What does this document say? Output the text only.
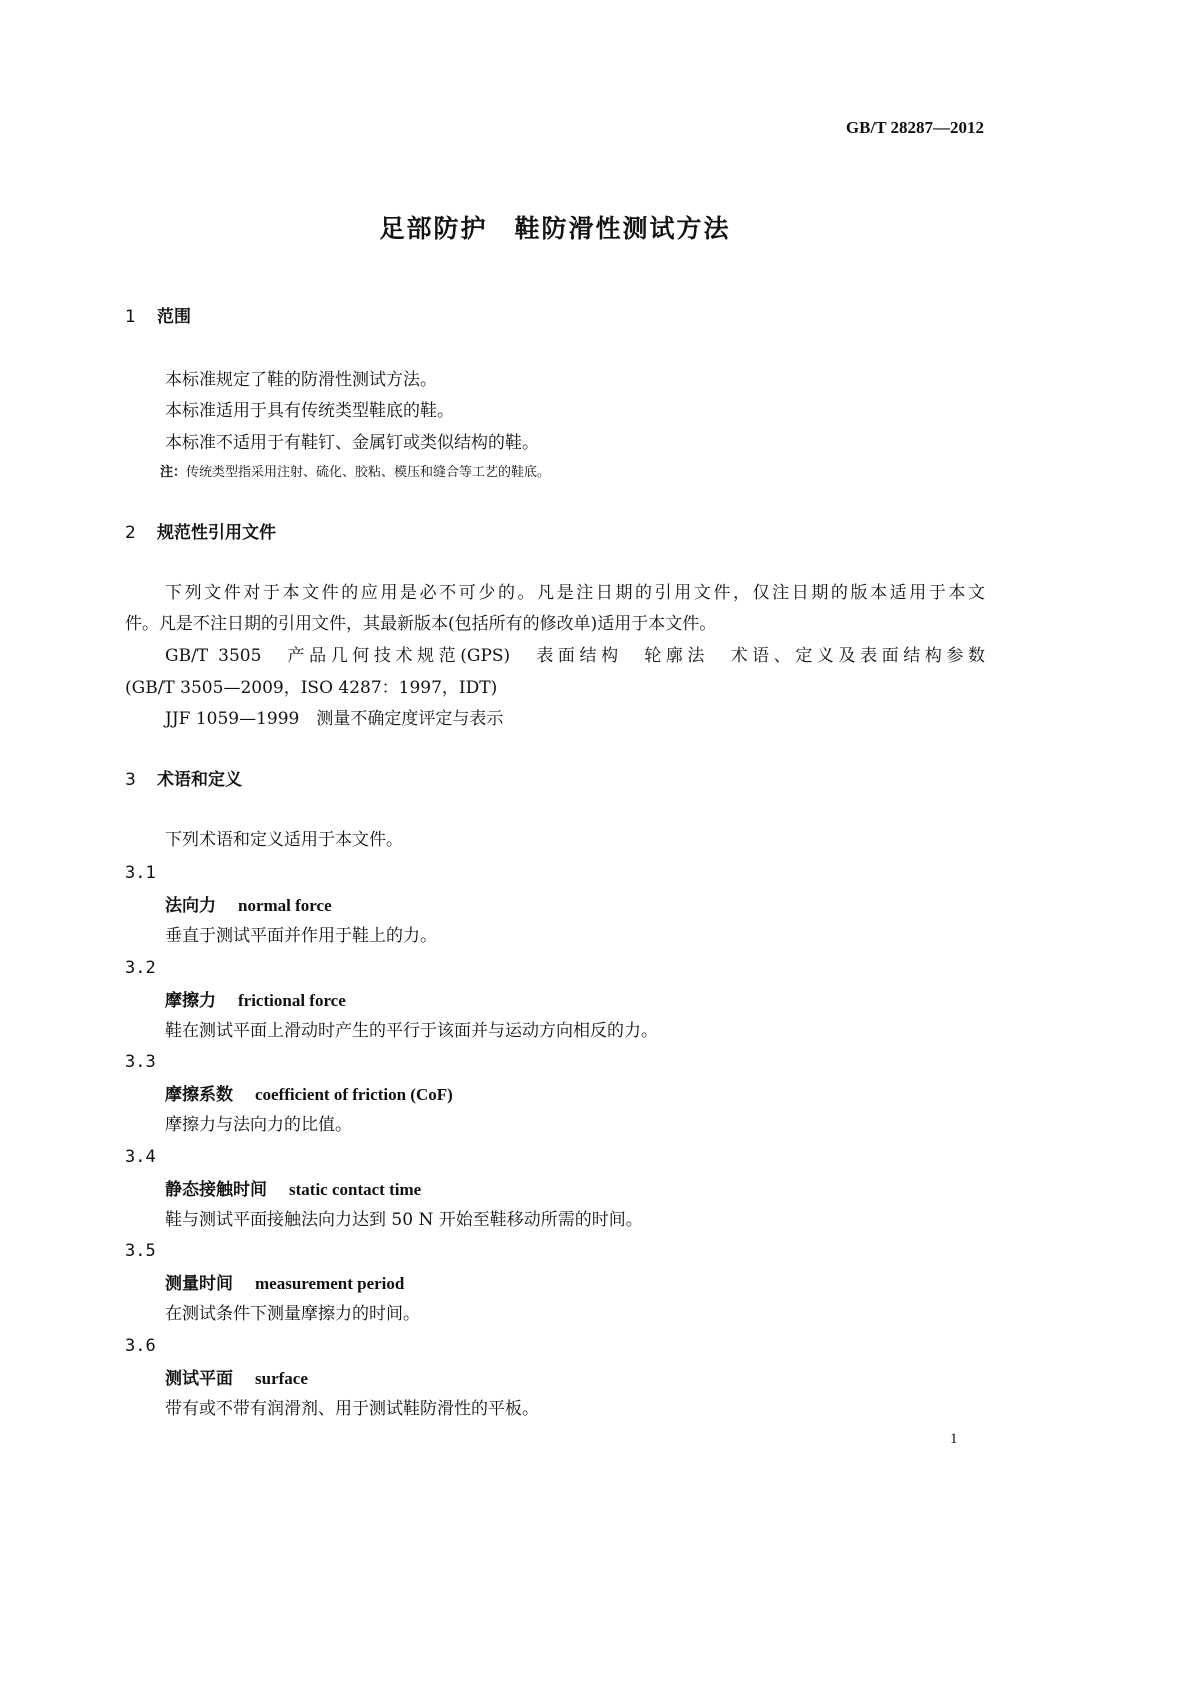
GB/T 28287—2012
足部防护　鞋防滑性测试方法
1 范围
本标准规定了鞋的防滑性测试方法。
本标准适用于具有传统类型鞋底的鞋。
本标准不适用于有鞋钉、金属钉或类似结构的鞋。
注：传统类型指采用注射、硫化、胶粘、模压和缝合等工艺的鞋底。
2 规范性引用文件
下列文件对于本文件的应用是必不可少的。凡是注日期的引用文件，仅注日期的版本适用于本文
件。凡是不注日期的引用文件，其最新版本(包括所有的修改单)适用于本文件。
GB/T 3505　产品几何技术规范(GPS)　表面结构　轮廓法　术语、定义及表面结构参数
(GB/T 3505—2009，ISO 4287：1997，IDT)
JJF 1059—1999　测量不确定度评定与表示
3 术语和定义
下列术语和定义适用于本文件。
3.1
法向力 normal force
垂直于测试平面并作用于鞋上的力。
3.2
摩擦力 frictional force
鞋在测试平面上滑动时产生的平行于该面并与运动方向相反的力。
3.3
摩擦系数 coefficient of friction (CoF)
摩擦力与法向力的比值。
3.4
静态接触时间 static contact time
鞋与测试平面接触法向力达到 50 N 开始至鞋移动所需的时间。
3.5
测量时间 measurement period
在测试条件下测量摩擦力的时间。
3.6
测试平面 surface
带有或不带有润滑剂、用于测试鞋防滑性的平板。
1
